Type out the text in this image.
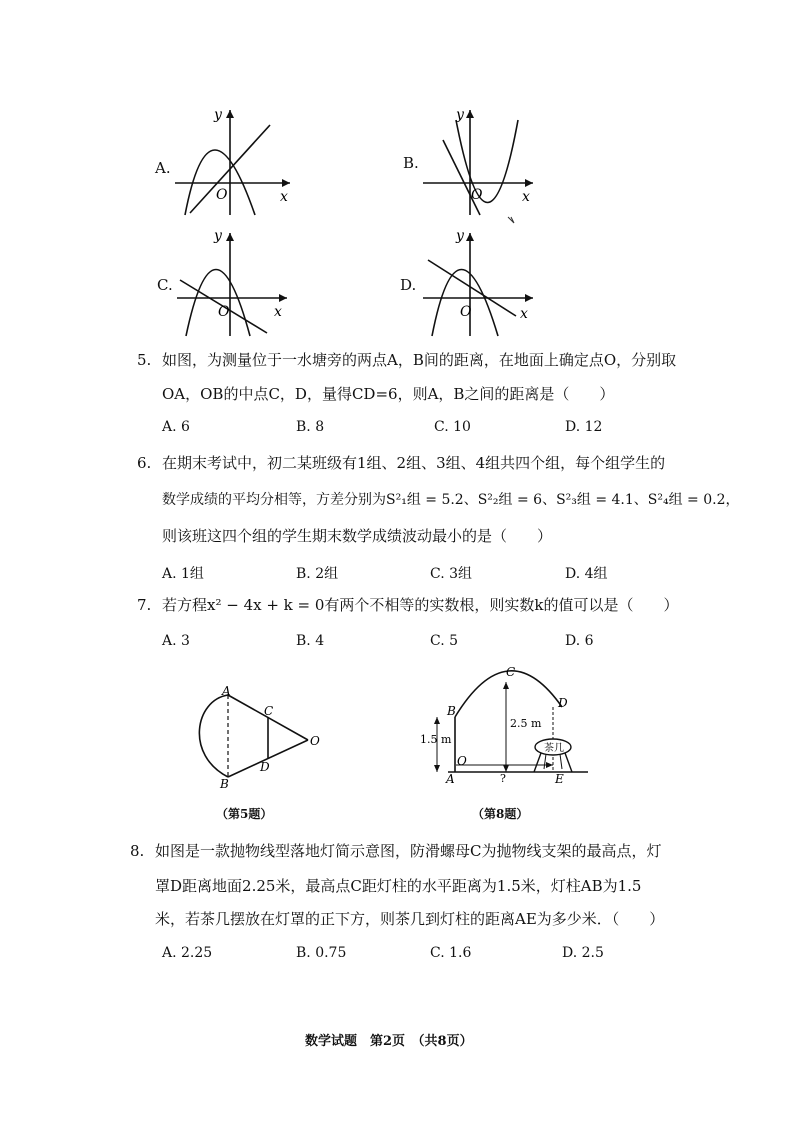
A.
x
y
O
B.
x
y
O
C.
x
y
O
D.
x
y
O
5. 如图，为测量位于一水塘旁的两点A，B间的距离，在地面上确定点O，分别取
OA，OB的中点C，D，量得CD=6，则A，B之间的距离是（　　）
A. 6	B. 8	C. 10	D. 12
6. 在期末考试中，初二某班级有1组、2组、3组、4组共四个组，每个组学生的
数学成绩的平均分相等，方差分别为S²₁组 = 5.2、S²₂组 = 6、S²₃组 = 4.1、S²₄组 = 0.2，
则该班这四个组的学生期末数学成绩波动最小的是（　　）
A. 1组	B. 2组	C. 3组	D. 4组
7. 若方程x² − 4x + k = 0有两个不相等的实数根，则实数k的值可以是（　　）
A. 3	B. 4	C. 5	D. 6
A
B
C
D
O
（第5题）
茶几
C
D
B
A
O
E
2.5 m
1.5 m
?
（第8题）
8. 如图是一款抛物线型落地灯简示意图，防滑螺母C为抛物线支架的最高点，灯
罩D距离地面2.25米，最高点C距灯柱的水平距离为1.5米，灯柱AB为1.5
米，若茶几摆放在灯罩的正下方，则茶几到灯柱的距离AE为多少米．（　　）
A. 2.25	B. 0.75	C. 1.6	D. 2.5
数学试题　第2页　（共8页）
